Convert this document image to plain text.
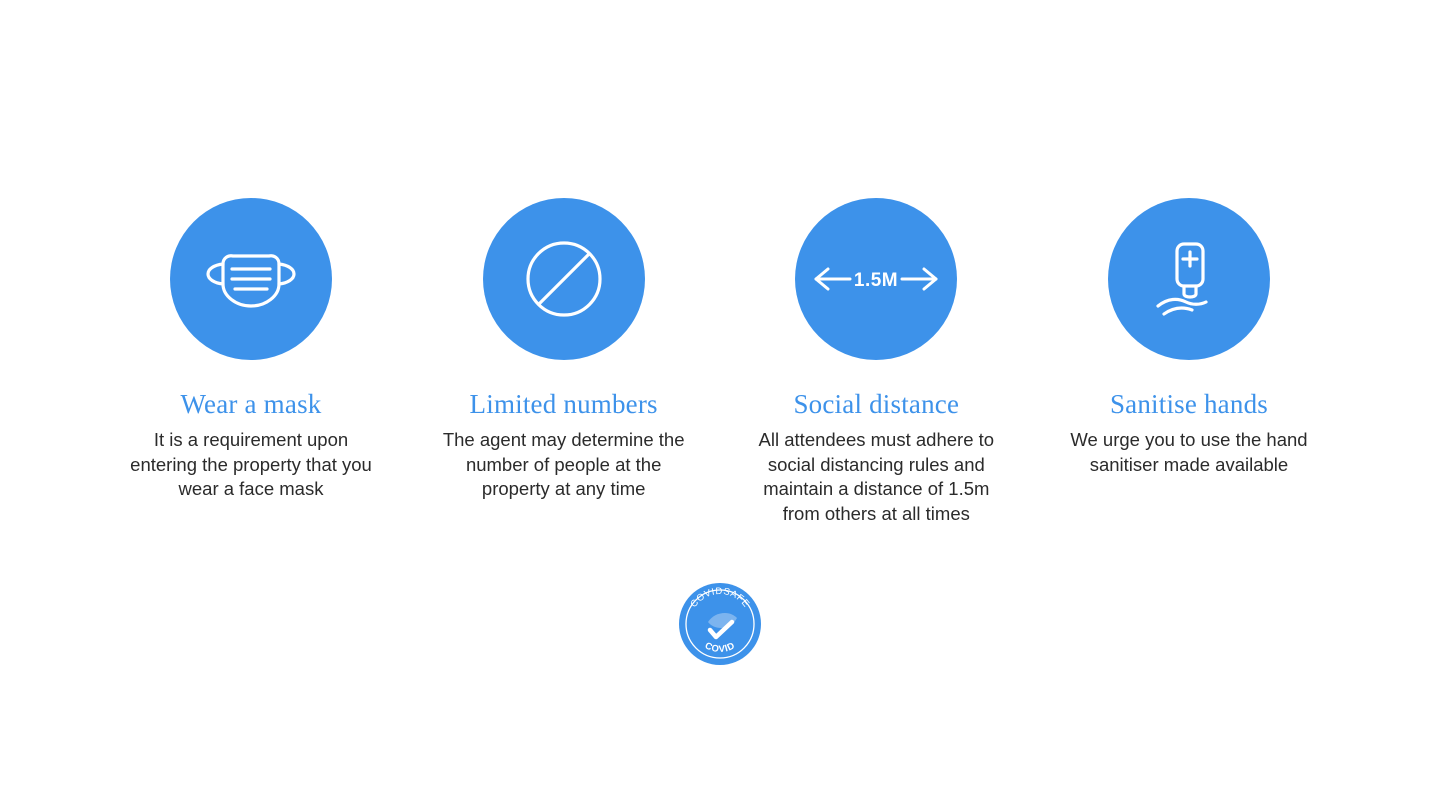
Wear a mask
It is a requirement upon entering the property that you wear a face mask
Limited numbers
The agent may determine the number of people at the property at any time
1.5M
Social distance
All attendees must adhere to social distancing rules and maintain a distance of 1.5m from others at all times
Sanitise hands
We urge you to use the hand sanitiser made available
COVIDSAFE
COVID
